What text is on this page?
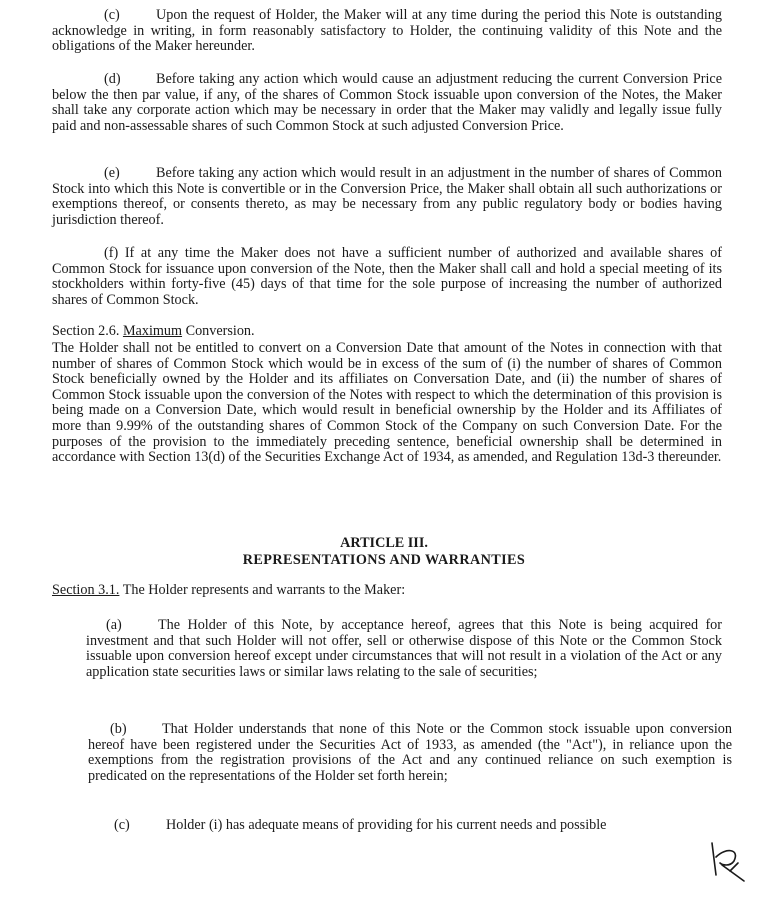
(c)	Upon the request of Holder, the Maker will at any time during the period this Note is outstanding acknowledge in writing, in form reasonably satisfactory to Holder, the continuing validity of this Note and the obligations of the Maker hereunder.
(d) Before taking any action which would cause an adjustment reducing the current Conversion Price below the then par value, if any, of the shares of Common Stock issuable upon conversion of the Notes, the Maker shall take any corporate action which may be necessary in order that the Maker may validly and legally issue fully paid and non-assessable shares of such Common Stock at such adjusted Conversion Price.
(e)	Before taking any action which would result in an adjustment in the number of shares of Common Stock into which this Note is convertible or in the Conversion Price, the Maker shall obtain all such authorizations or exemptions thereof, or consents thereto, as may be necessary from any public regulatory body or bodies having jurisdiction thereof.
(f) If at any time the Maker does not have a sufficient number of authorized and available shares of Common Stock for issuance upon conversion of the Note, then the Maker shall call and hold a special meeting of its stockholders within forty-five (45) days of that time for the sole purpose of increasing the number of authorized shares of Common Stock.
Section 2.6. Maximum Conversion.
The Holder shall not be entitled to convert on a Conversion Date that amount of the Notes in connection with that number of shares of Common Stock which would be in excess of the sum of (i) the number of shares of Common Stock beneficially owned by the Holder and its affiliates on Conversation Date, and (ii) the number of shares of Common Stock issuable upon the conversion of the Notes with respect to which the determination of this provision is being made on a Conversion Date, which would result in beneficial ownership by the Holder and its Affiliates of more than 9.99% of the outstanding shares of Common Stock of the Company on such Conversion Date. For the purposes of the provision to the immediately preceding sentence, beneficial ownership shall be determined in accordance with Section 13(d) of the Securities Exchange Act of 1934, as amended, and Regulation 13d-3 thereunder.
ARTICLE III.
REPRESENTATIONS AND WARRANTIES
Section 3.1. The Holder represents and warrants to the Maker:
(a)	The Holder of this Note, by acceptance hereof, agrees that this Note is being acquired for investment and that such Holder will not offer, sell or otherwise dispose of this Note or the Common Stock issuable upon conversion hereof except under circumstances that will not result in a violation of the Act or any application state securities laws or similar laws relating to the sale of securities;
(b) That Holder understands that none of this Note or the Common stock issuable upon conversion hereof have been registered under the Securities Act of 1933, as amended (the "Act"), in reliance upon the exemptions from the registration provisions of the Act and any continued reliance on such exemption is predicated on the representations of the Holder set forth herein;
(c)	Holder (i) has adequate means of providing for his current needs and possible
